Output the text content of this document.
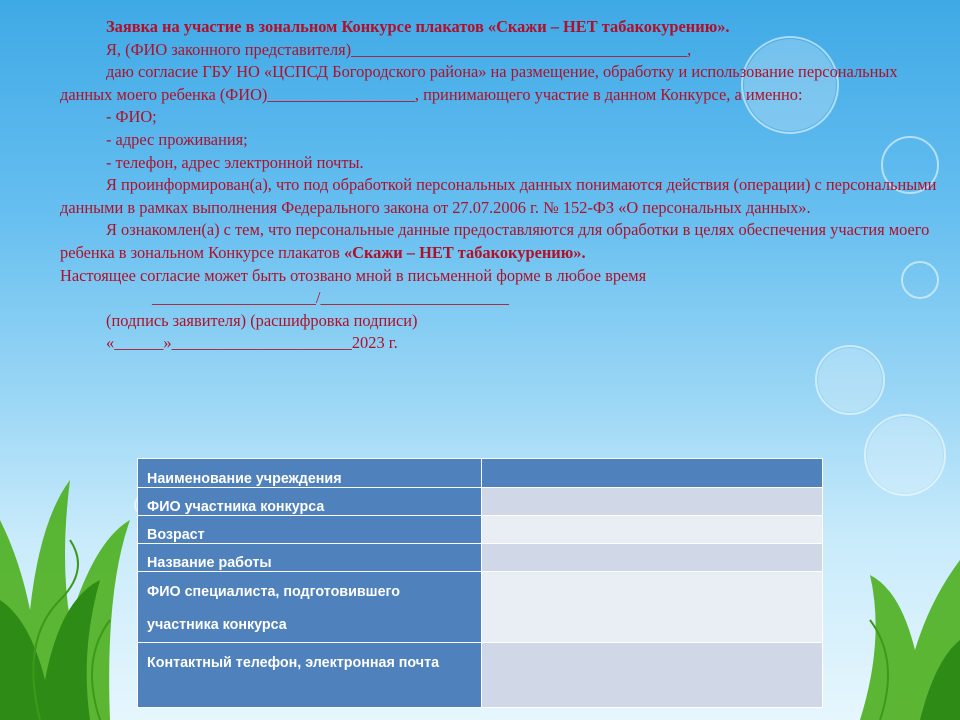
Заявка на участие в зональном Конкурсе плакатов «Скажи – НЕТ табакокурению».

Я, (ФИО законного представителя)_________________________________________,

даю согласие ГБУ НО «ЦСПСД Богородского района» на размещение, обработку и использование персональных данных моего ребенка (ФИО)__________________, принимающего участие в данном Конкурсе, а именно:

- ФИО;

- адрес проживания;

- телефон, адрес электронной почты.

Я проинформирован(а), что под обработкой персональных данных понимаются действия (операции) с персональными данными в рамках выполнения Федерального закона от 27.07.2006 г. № 152-ФЗ «О персональных данных».

Я ознакомлен(а) с тем, что персональные данные предоставляются для обработки в целях обеспечения участия моего ребенка в зональном Конкурсе плакатов «Скажи – НЕТ табакокурению».

Настоящее согласие может быть отозвано мной в письменной форме в любое время

____________________/_______________________

(подпись заявителя) (расшифровка подписи)

«______»______________________2023 г.

Наименование учреждения	
ФИО участника конкурса	
Возраст	
Название работы	
ФИО специалиста, подготовившего участника конкурса	
Контактный телефон, электронная почта	
